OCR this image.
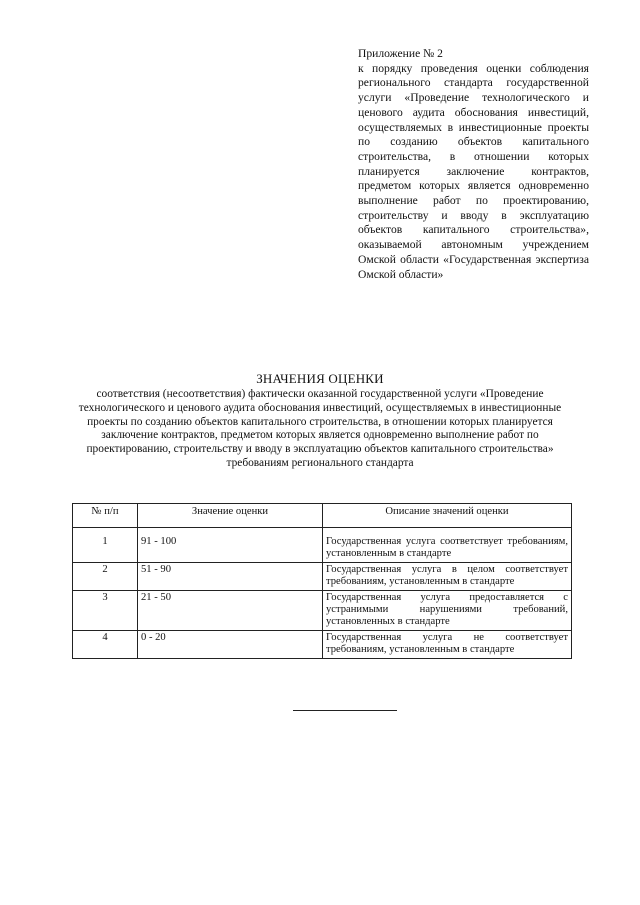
Приложение № 2
к порядку проведения оценки соблюдения регионального стандарта государственной услуги «Проведение технологического и ценового аудита обоснования инвестиций, осуществляемых в инвестиционные проекты по созданию объектов капитального строительства, в отношении которых планируется заключение контрактов, предметом которых является одновременно выполнение работ по проектированию, строительству и вводу в эксплуатацию объектов капитального строительства», оказываемой автономным учреждением Омской области «Государственная экспертиза Омской области»
ЗНАЧЕНИЯ ОЦЕНКИ

соответствия (несоответствия) фактически оказанной государственной услуги «Проведение технологического и ценового аудита обоснования инвестиций, осуществляемых в инвестиционные проекты по созданию объектов капитального строительства, в отношении которых планируется заключение контрактов, предметом которых является одновременно выполнение работ по проектированию, строительству и вводу в эксплуатацию объектов капитального строительства» требованиям регионального стандарта

№ п/п	Значение оценки	Описание значений оценки
1	91 - 100	Государственная услуга соответствует требованиям, установленным в стандарте
2	51 - 90	Государственная услуга в целом соответствует требованиям, установленным в стандарте
3	21 - 50	Государственная услуга предоставляется с устранимыми нарушениями требований, установленных в стандарте
4	0 - 20	Государственная услуга не соответствует требованиям, установленным в стандарте
